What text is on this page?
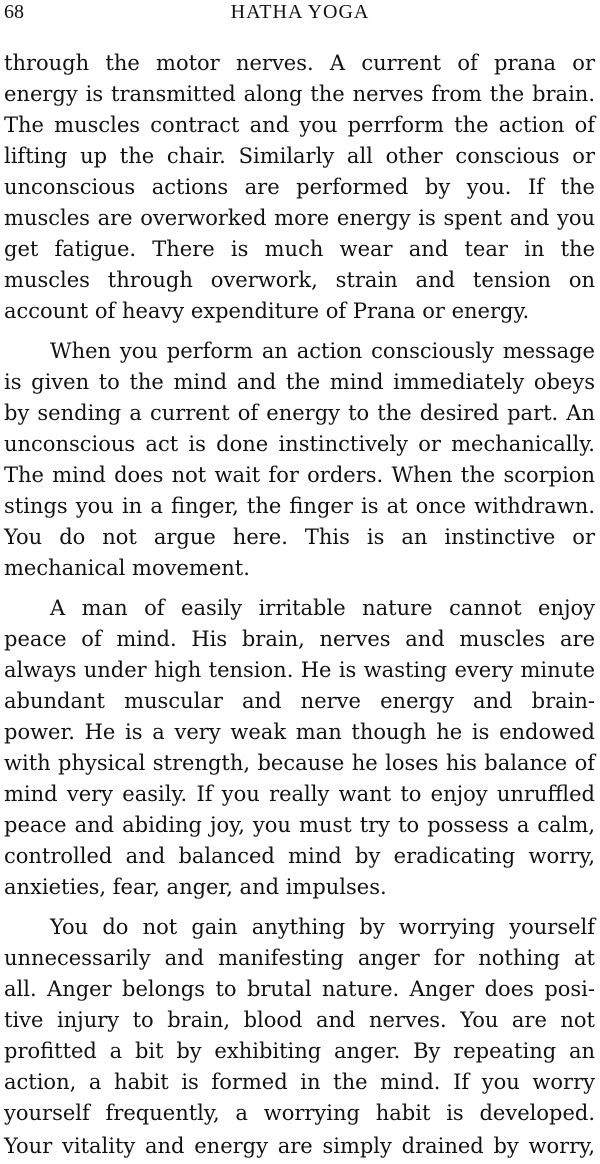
68	HATHA YOGA
through the motor nerves. A current of prana or
energy is transmitted along the nerves from the brain.
The muscles contract and you perrform the action of
lifting up the chair. Similarly all other conscious or
unconscious actions are performed by you. If the
muscles are overworked more energy is spent and you
get fatigue. There is much wear and tear in the
muscles through overwork, strain and tension on
account of heavy expenditure of Prana or energy.
When you perform an action consciously message
is given to the mind and the mind immediately obeys
by sending a current of energy to the desired part. An
unconscious act is done instinctively or mechanically.
The mind does not wait for orders. When the scorpion
stings you in a finger, the finger is at once withdrawn.
You do not argue here. This is an instinctive or
mechanical movement.
A man of easily irritable nature cannot enjoy
peace of mind. His brain, nerves and muscles are
always under high tension. He is wasting every minute
abundant muscular and nerve energy and brain-
power. He is a very weak man though he is endowed
with physical strength, because he loses his balance of
mind very easily. If you really want to enjoy unruffled
peace and abiding joy, you must try to possess a calm,
controlled and balanced mind by eradicating worry,
anxieties, fear, anger, and impulses.
You do not gain anything by worrying yourself
unnecessarily and manifesting anger for nothing at
all. Anger belongs to brutal nature. Anger does posi-
tive injury to brain, blood and nerves. You are not
profitted a bit by exhibiting anger. By repeating an
action, a habit is formed in the mind. If you worry
yourself frequently, a worrying habit is developed.
Your vitality and energy are simply drained by worry,
